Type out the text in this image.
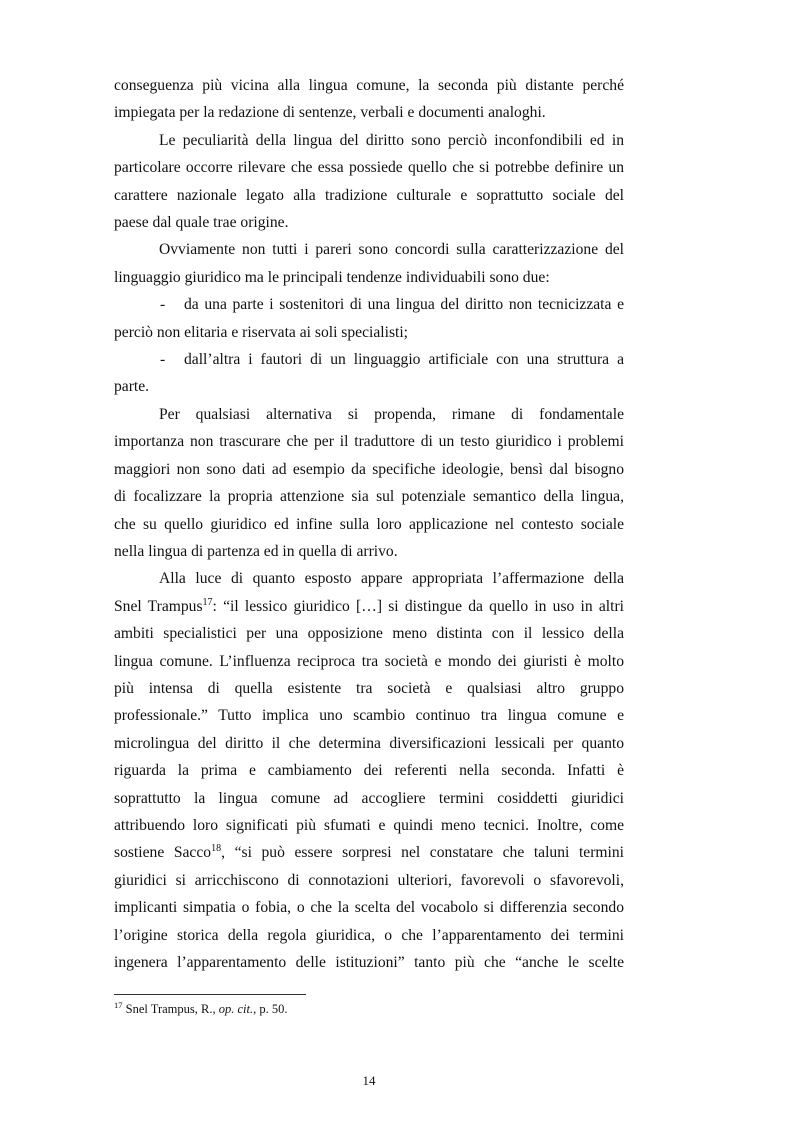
conseguenza più vicina alla lingua comune, la seconda più distante perché

impiegata per la redazione di sentenze, verbali e documenti analoghi.

Le peculiarità della lingua del diritto sono perciò inconfondibili ed in

particolare occorre rilevare che essa possiede quello che si potrebbe definire un

carattere nazionale legato alla tradizione culturale e soprattutto sociale del

paese dal quale trae origine.

Ovviamente non tutti i pareri sono concordi sulla caratterizzazione del

linguaggio giuridico ma le principali tendenze individuabili sono due:

-	da una parte i sostenitori di una lingua del diritto non tecnicizzata e

perciò non elitaria e riservata ai soli specialisti;

-	dall’altra i fautori di un linguaggio artificiale con una struttura a

parte.

Per qualsiasi alternativa si propenda, rimane di fondamentale

importanza non trascurare che per il traduttore di un testo giuridico i problemi

maggiori non sono dati ad esempio da specifiche ideologie, bensì dal bisogno

di focalizzare la propria attenzione sia sul potenziale semantico della lingua,

che su quello giuridico ed infine sulla loro applicazione nel contesto sociale

nella lingua di partenza ed in quella di arrivo.

Alla luce di quanto esposto appare appropriata l’affermazione della

Snel Trampus$^{17}$: “il lessico giuridico […] si distingue da quello in uso in altri

ambiti specialistici per una opposizione meno distinta con il lessico della

lingua comune. L’influenza reciproca tra società e mondo dei giuristi è molto

più intensa di quella esistente tra società e qualsiasi altro gruppo

professionale.” Tutto implica uno scambio continuo tra lingua comune e

microlingua del diritto il che determina diversificazioni lessicali per quanto

riguarda la prima e cambiamento dei referenti nella seconda. Infatti è

soprattutto la lingua comune ad accogliere termini cosiddetti giuridici

attribuendo loro significati più sfumati e quindi meno tecnici. Inoltre, come

sostiene Sacco$^{18}$, “si può essere sorpresi nel constatare che taluni termini

giuridici si arricchiscono di connotazioni ulteriori, favorevoli o sfavorevoli,

implicanti simpatia o fobia, o che la scelta del vocabolo si differenzia secondo

l’origine storica della regola giuridica, o che l’apparentamento dei termini

ingenera l’apparentamento delle istituzioni” tanto più che “anche le scelte

$^{17}$ Snel Trampus, R., op. cit., p. 50.
14
